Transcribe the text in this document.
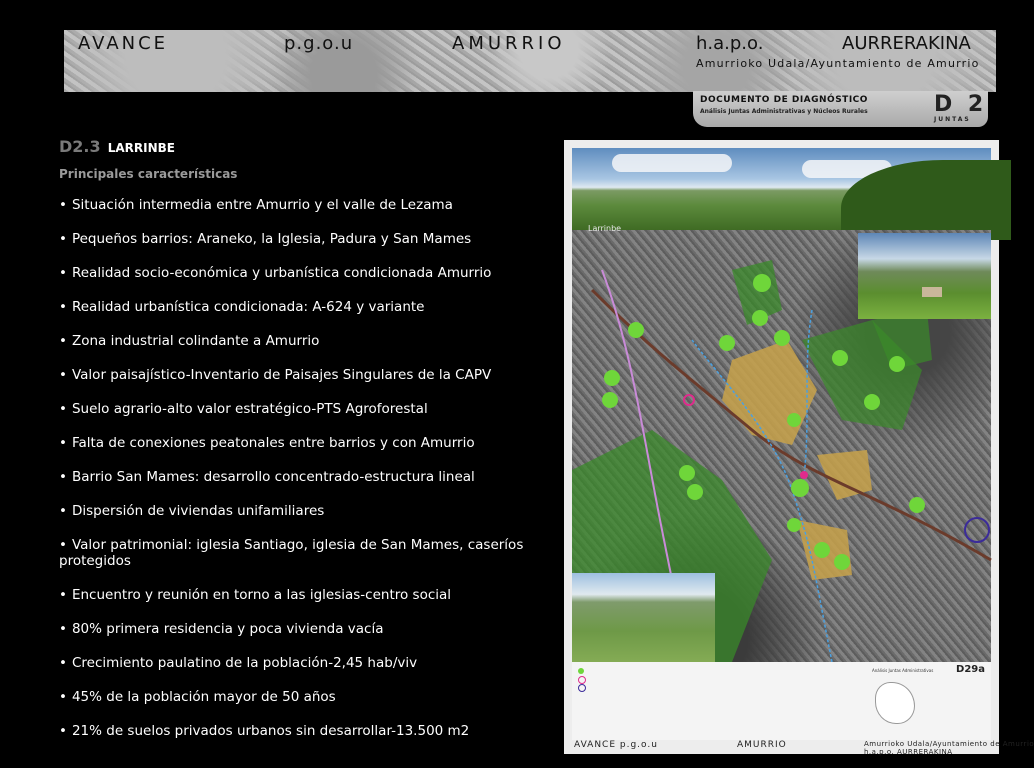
AVANCE	p.g.o.u	AMURRIO	h.a.p.o.	AURRERAKINA
Amurrioko Udala/Ayuntamiento de Amurrio
DOCUMENTO DE DIAGNÓSTICO
Análisis Juntas Administrativas y Núcleos Rurales	D 2
JUNTAS
D2.3 LARRINBE
Principales características
• Situación intermedia entre Amurrio y el valle de Lezama
• Pequeños barrios: Araneko, la Iglesia, Padura y San Mames
• Realidad socio-económica y urbanística condicionada Amurrio
• Realidad urbanística condicionada: A-624 y variante
• Zona industrial colindante a Amurrio
• Valor paisajístico-Inventario de Paisajes Singulares de la CAPV
• Suelo agrario-alto valor estratégico-PTS Agroforestal
• Falta de conexiones peatonales entre barrios y con Amurrio
• Barrio San Mames: desarrollo concentrado-estructura lineal
• Dispersión de viviendas unifamiliares
• Valor patrimonial: iglesia Santiago, iglesia de San Mames, caseríos protegidos
• Encuentro y reunión en torno a las iglesias-centro social
• 80% primera residencia y poca vivienda vacía
• Crecimiento paulatino de la población-2,45 hab/viv
• 45% de la población mayor de 50 años
• 21% de suelos privados urbanos sin desarrollar-13.500 m2
Larrinbe
Análisis Juntas Administrativas D29a
AVANCE p.g.o.u	AMURRIO	Amurrioko Udala/Ayuntamiento de Amurrio
h.a.p.o. AURRERAKINA
